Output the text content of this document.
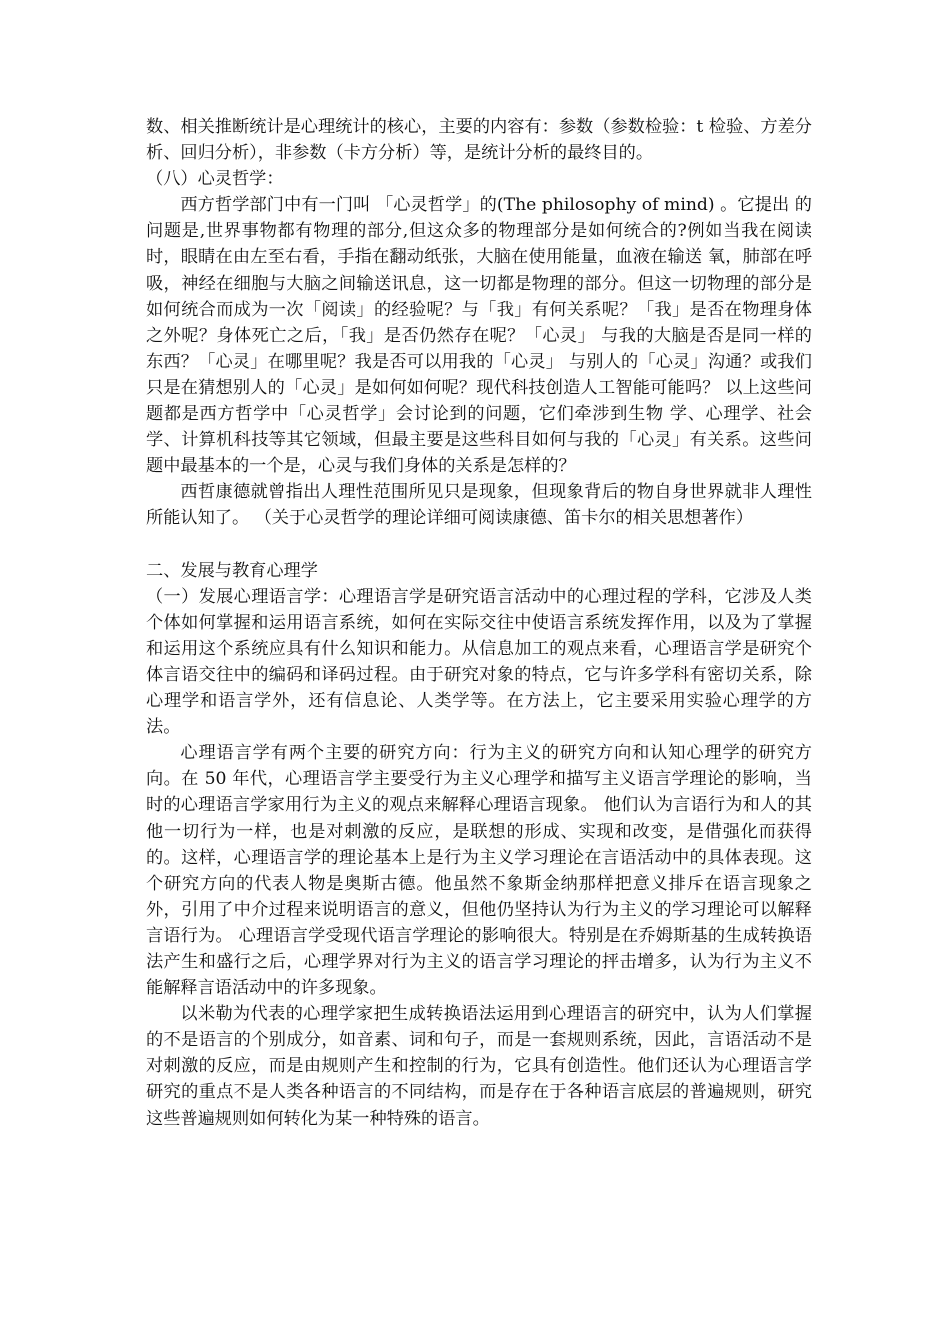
数、相关推断统计是心理统计的核心，主要的内容有：参数（参数检验：t 检验、方差分析、回归分析），非参数（卡方分析）等，是统计分析的最终目的。

（八）心灵哲学：

西方哲学部门中有一门叫 「心灵哲学」的(The philosophy of mind) 。它提出 的问题是,世界事物都有物理的部分,但这众多的物理部分是如何统合的?例如当我在阅读时，眼睛在由左至右看，手指在翻动纸张，大脑在使用能量，血液在输送 氧，肺部在呼吸，神经在细胞与大脑之间输送讯息，这一切都是物理的部分。但这一切物理的部分是如何统合而成为一次「阅读」的经验呢？与「我」有何关系呢？「我」是否在物理身体之外呢？身体死亡之后，「我」是否仍然存在呢？「心灵」 与我的大脑是否是同一样的东西？「心灵」在哪里呢？我是否可以用我的「心灵」 与别人的「心灵」沟通？或我们只是在猜想别人的「心灵」是如何如何呢？现代科技创造人工智能可能吗？ 以上这些问题都是西方哲学中「心灵哲学」会讨论到的问题，它们牵涉到生物 学、心理学、社会学、计算机科技等其它领域，但最主要是这些科目如何与我的「心灵」有关系。这些问题中最基本的一个是，心灵与我们身体的关系是怎样的？

西哲康德就曾指出人理性范围所见只是现象，但现象背后的物自身世界就非人理性所能认知了。 （关于心灵哲学的理论详细可阅读康德、笛卡尔的相关思想著作）

二、发展与教育心理学

（一）发展心理语言学：心理语言学是研究语言活动中的心理过程的学科，它涉及人类个体如何掌握和运用语言系统，如何在实际交往中使语言系统发挥作用，以及为了掌握和运用这个系统应具有什么知识和能力。从信息加工的观点来看，心理语言学是研究个体言语交往中的编码和译码过程。由于研究对象的特点，它与许多学科有密切关系，除心理学和语言学外，还有信息论、人类学等。在方法上，它主要采用实验心理学的方法。

心理语言学有两个主要的研究方向：行为主义的研究方向和认知心理学的研究方向。在 50 年代，心理语言学主要受行为主义心理学和描写主义语言学理论的影响，当时的心理语言学家用行为主义的观点来解释心理语言现象。 他们认为言语行为和人的其他一切行为一样，也是对刺激的反应，是联想的形成、实现和改变，是借强化而获得的。这样，心理语言学的理论基本上是行为主义学习理论在言语活动中的具体表现。这个研究方向的代表人物是奥斯古德。他虽然不象斯金纳那样把意义排斥在语言现象之外，引用了中介过程来说明语言的意义，但他仍坚持认为行为主义的学习理论可以解释言语行为。 心理语言学受现代语言学理论的影响很大。特别是在乔姆斯基的生成转换语法产生和盛行之后，心理学界对行为主义的语言学习理论的抨击增多，认为行为主义不能解释言语活动中的许多现象。

以米勒为代表的心理学家把生成转换语法运用到心理语言的研究中，认为人们掌握的不是语言的个别成分，如音素、词和句子，而是一套规则系统，因此，言语活动不是对刺激的反应，而是由规则产生和控制的行为，它具有创造性。他们还认为心理语言学研究的重点不是人类各种语言的不同结构，而是存在于各种语言底层的普遍规则，研究这些普遍规则如何转化为某一种特殊的语言。
